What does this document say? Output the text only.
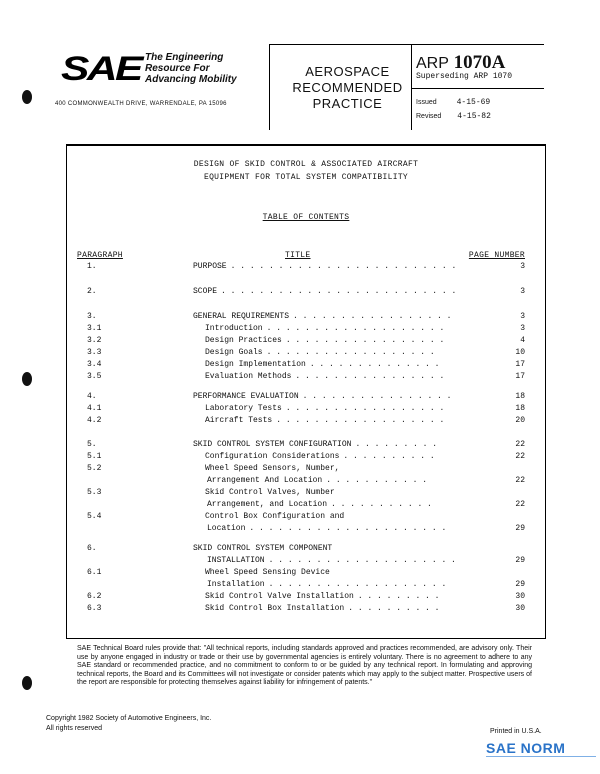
SAE The Engineering
Resource For
Advancing Mobility
400 COMMONWEALTH DRIVE, WARRENDALE, PA 15096
AEROSPACE
RECOMMENDED
PRACTICE
ARP 1070A
Superseding ARP 1070
Issued	4-15-69
Revised 4-15-82
DESIGN OF SKID CONTROL & ASSOCIATED AIRCRAFT
EQUIPMENT FOR TOTAL SYSTEM COMPATIBILITY
TABLE OF CONTENTS
PARAGRAPH	TITLE	PAGE NUMBER
1.	PURPOSE . . . . . . . . . . . . . . . . . . . . . . . .	3
2.	SCOPE . . . . . . . . . . . . . . . . . . . . . . . . .	3
3.	GENERAL REQUIREMENTS . . . . . . . . . . . . . . . . .	3
3.1	Introduction . . . . . . . . . . . . . . . . . . .	3
3.2	Design Practices . . . . . . . . . . . . . . . . .	4
3.3	Design Goals . . . . . . . . . . . . . . . . . .	10
3.4	Design Implementation . . . . . . . . . . . . . .	17
3.5	Evaluation Methods . . . . . . . . . . . . . . . .	17
4.	PERFORMANCE EVALUATION . . . . . . . . . . . . . . . .	18
4.1	Laboratory Tests . . . . . . . . . . . . . . . . .	18
4.2	Aircraft Tests . . . . . . . . . . . . . . . . . .	20
5.	SKID CONTROL SYSTEM CONFIGURATION . . . . . . . . .	22
5.1	Configuration Considerations . . . . . . . . . .	22
5.2	Wheel Speed Sensors, Number,
Arrangement And Location . . . . . . . . . . .	22
5.3	Skid Control Valves, Number
Arrangement, and Location . . . . . . . . . . .	22
5.4	Control Box Configuration and
Location . . . . . . . . . . . . . . . . . . . . .	29
6.	SKID CONTROL SYSTEM COMPONENT
INSTALLATION . . . . . . . . . . . . . . . . . . . .	29
6.1	Wheel Speed Sensing Device
Installation . . . . . . . . . . . . . . . . . . .	29
6.2	Skid Control Valve Installation . . . . . . . . .	30
6.3	Skid Control Box Installation . . . . . . . . . .	30
SAE Technical Board rules provide that: "All technical reports, including standards approved and practices recommended, are advisory only. Their use by anyone engaged in industry or trade or their use by governmental agencies is entirely voluntary. There is no agreement to adhere to any SAE standard or recommended practice, and no commitment to conform to or be guided by any technical report. In formulating and approving technical reports, the Board and its Committees will not investigate or consider patents which may apply to the subject matter. Prospective users of the report are responsible for protecting themselves against liability for infringement of patents."
Copyright 1982 Society of Automotive Engineers, Inc.
All rights reserved	Printed in U.S.A.
SAE NORM
